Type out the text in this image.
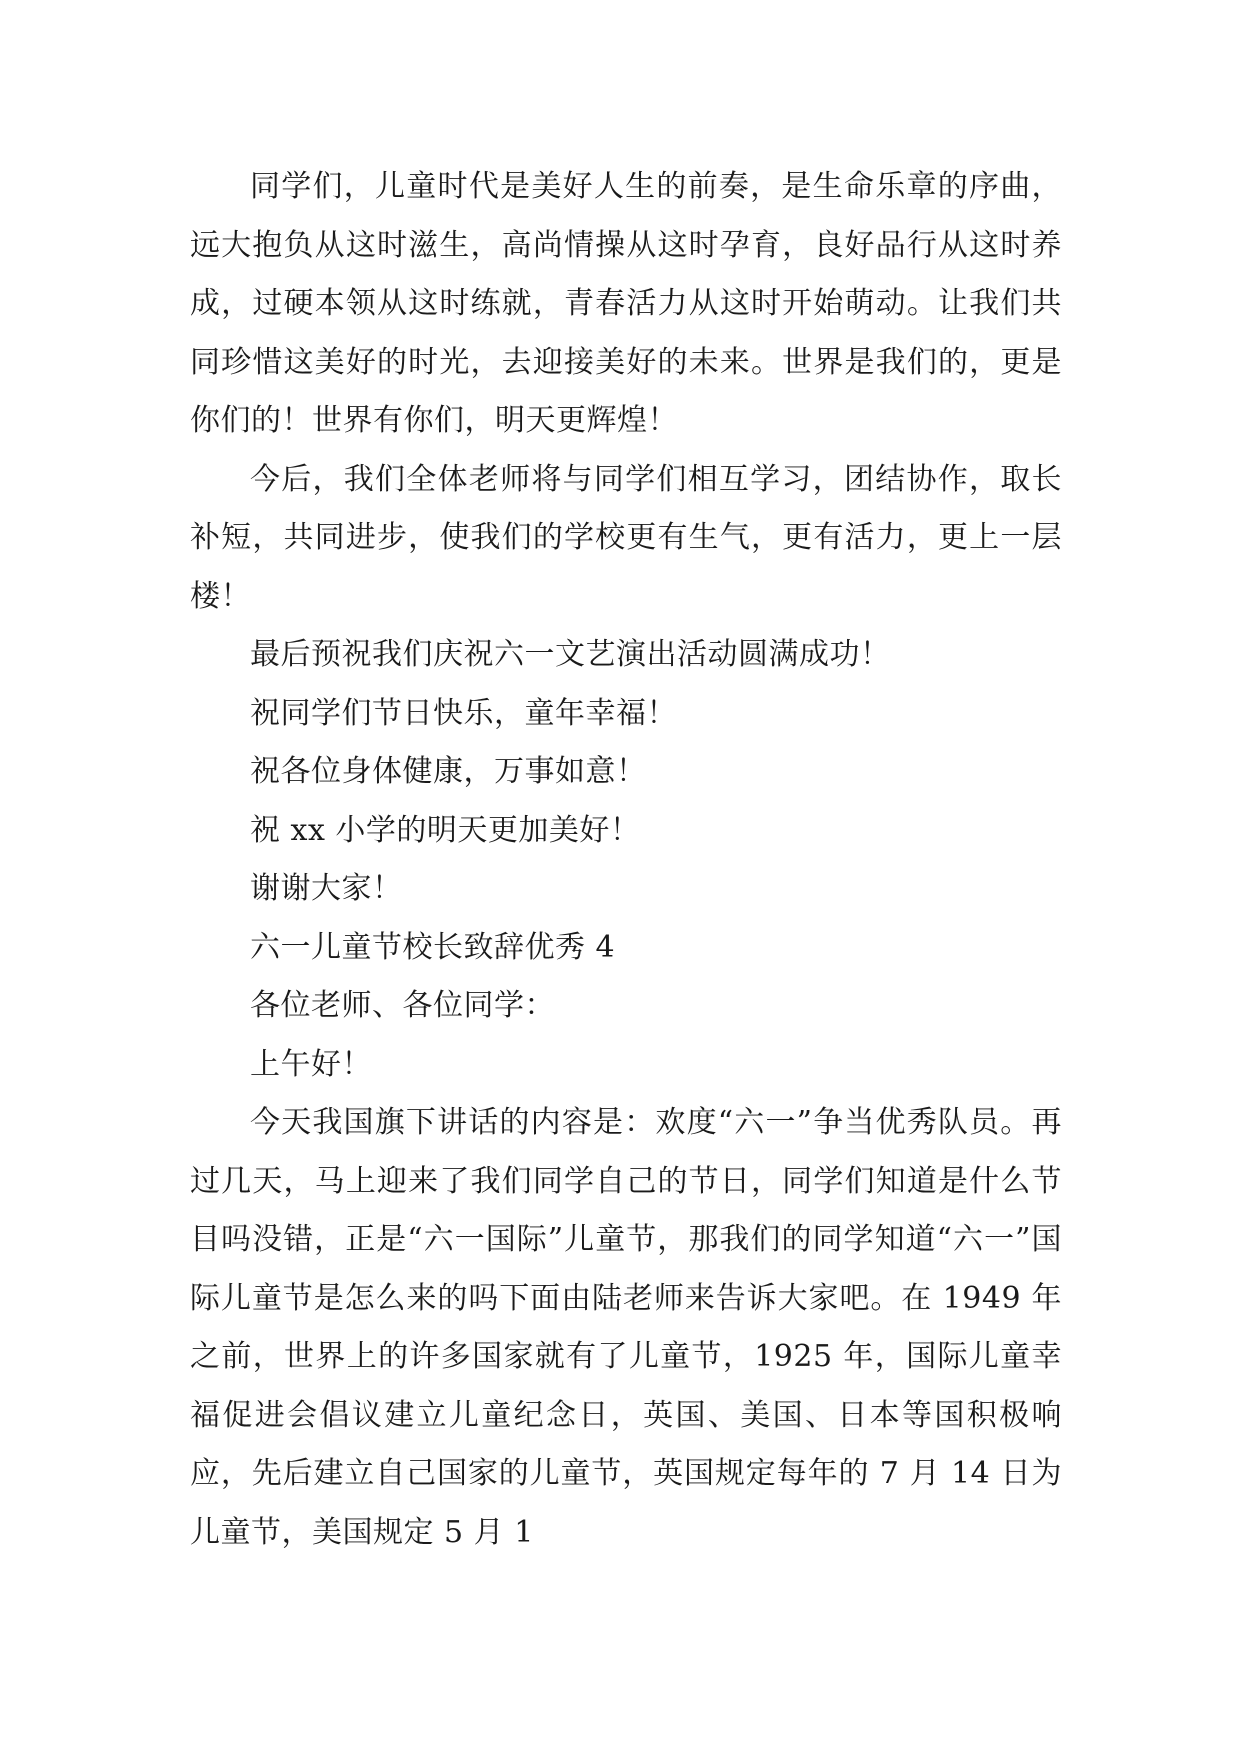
同学们，儿童时代是美好人生的前奏，是生命乐章的序曲，远大抱负从这时滋生，高尚情操从这时孕育，良好品行从这时养成，过硬本领从这时练就，青春活力从这时开始萌动。让我们共同珍惜这美好的时光，去迎接美好的未来。世界是我们的，更是你们的！世界有你们，明天更辉煌！

今后，我们全体老师将与同学们相互学习，团结协作，取长补短，共同进步，使我们的学校更有生气，更有活力，更上一层楼！

最后预祝我们庆祝六一文艺演出活动圆满成功！

祝同学们节日快乐，童年幸福！

祝各位身体健康，万事如意！

祝 xx 小学的明天更加美好！

谢谢大家！

六一儿童节校长致辞优秀 4

各位老师、各位同学：

上午好！

今天我国旗下讲话的内容是：欢度“六一”争当优秀队员。再过几天，马上迎来了我们同学自己的节日，同学们知道是什么节目吗没错，正是“六一国际”儿童节，那我们的同学知道“六一”国际儿童节是怎么来的吗下面由陆老师来告诉大家吧。在 1949 年之前，世界上的许多国家就有了儿童节，1925 年，国际儿童幸福促进会倡议建立儿童纪念日，英国、美国、日本等国积极响应，先后建立自己国家的儿童节，英国规定每年的 7 月 14 日为儿童节，美国规定 5 月 1
